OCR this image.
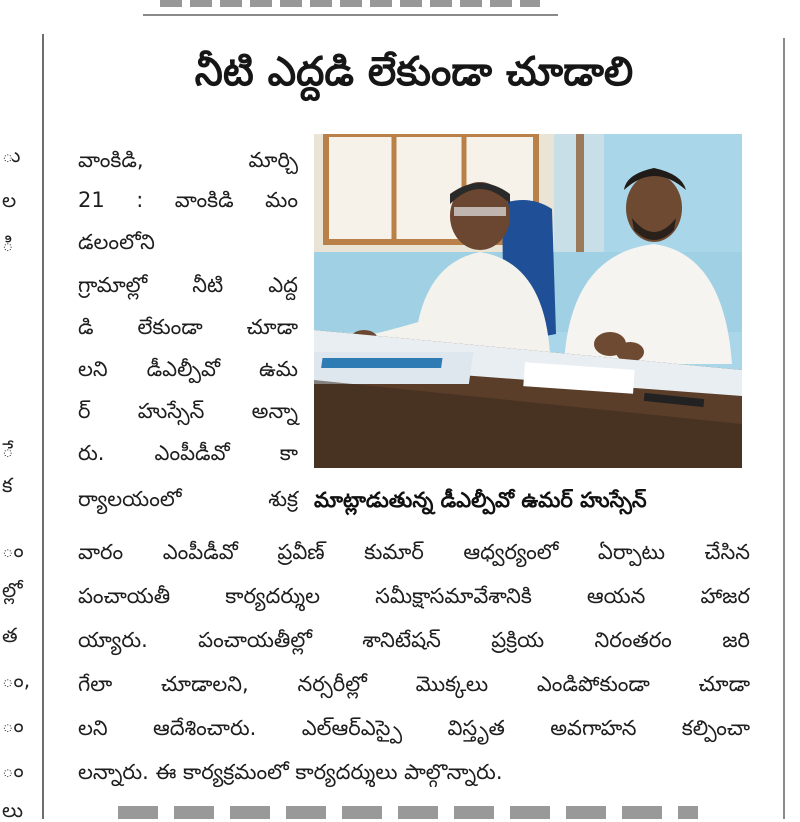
ు
ల
ి
ే
క
ం
ల్లో
త
ం,
ం
ం
లు
నీటి ఎద్దడి లేకుండా చూడాలి
మాట్లాడుతున్న డీఎల్పీవో ఉమర్ హుస్సేన్
వాంకిడి, మార్చి
21 : వాంకిడి మం
డలంలోని
గ్రామాల్లో నీటి ఎద్ద
డి లేకుండా చూడా
లని డీఎల్పీవో ఉమ
ర్ హుస్సేన్ అన్నా
రు. ఎంపీడీవో కా
ర్యాలయంలో శుక్ర
వారం ఎంపీడీవో ప్రవీణ్ కుమార్ ఆధ్వర్యంలో ఏర్పాటు చేసిన
పంచాయతీ కార్యదర్శుల సమీక్షాసమావేశానికి ఆయన హాజర
య్యారు. పంచాయతీల్లో శానిటేషన్ ప్రక్రియ నిరంతరం జరి
గేలా చూడాలని, నర్సరీల్లో మొక్కలు ఎండిపోకుండా చూడా
లని ఆదేశించారు. ఎల్ఆర్ఎస్పై విస్తృత అవగాహన కల్పించా
లన్నారు. ఈ కార్యక్రమంలో కార్యదర్శులు పాల్గొన్నారు.
